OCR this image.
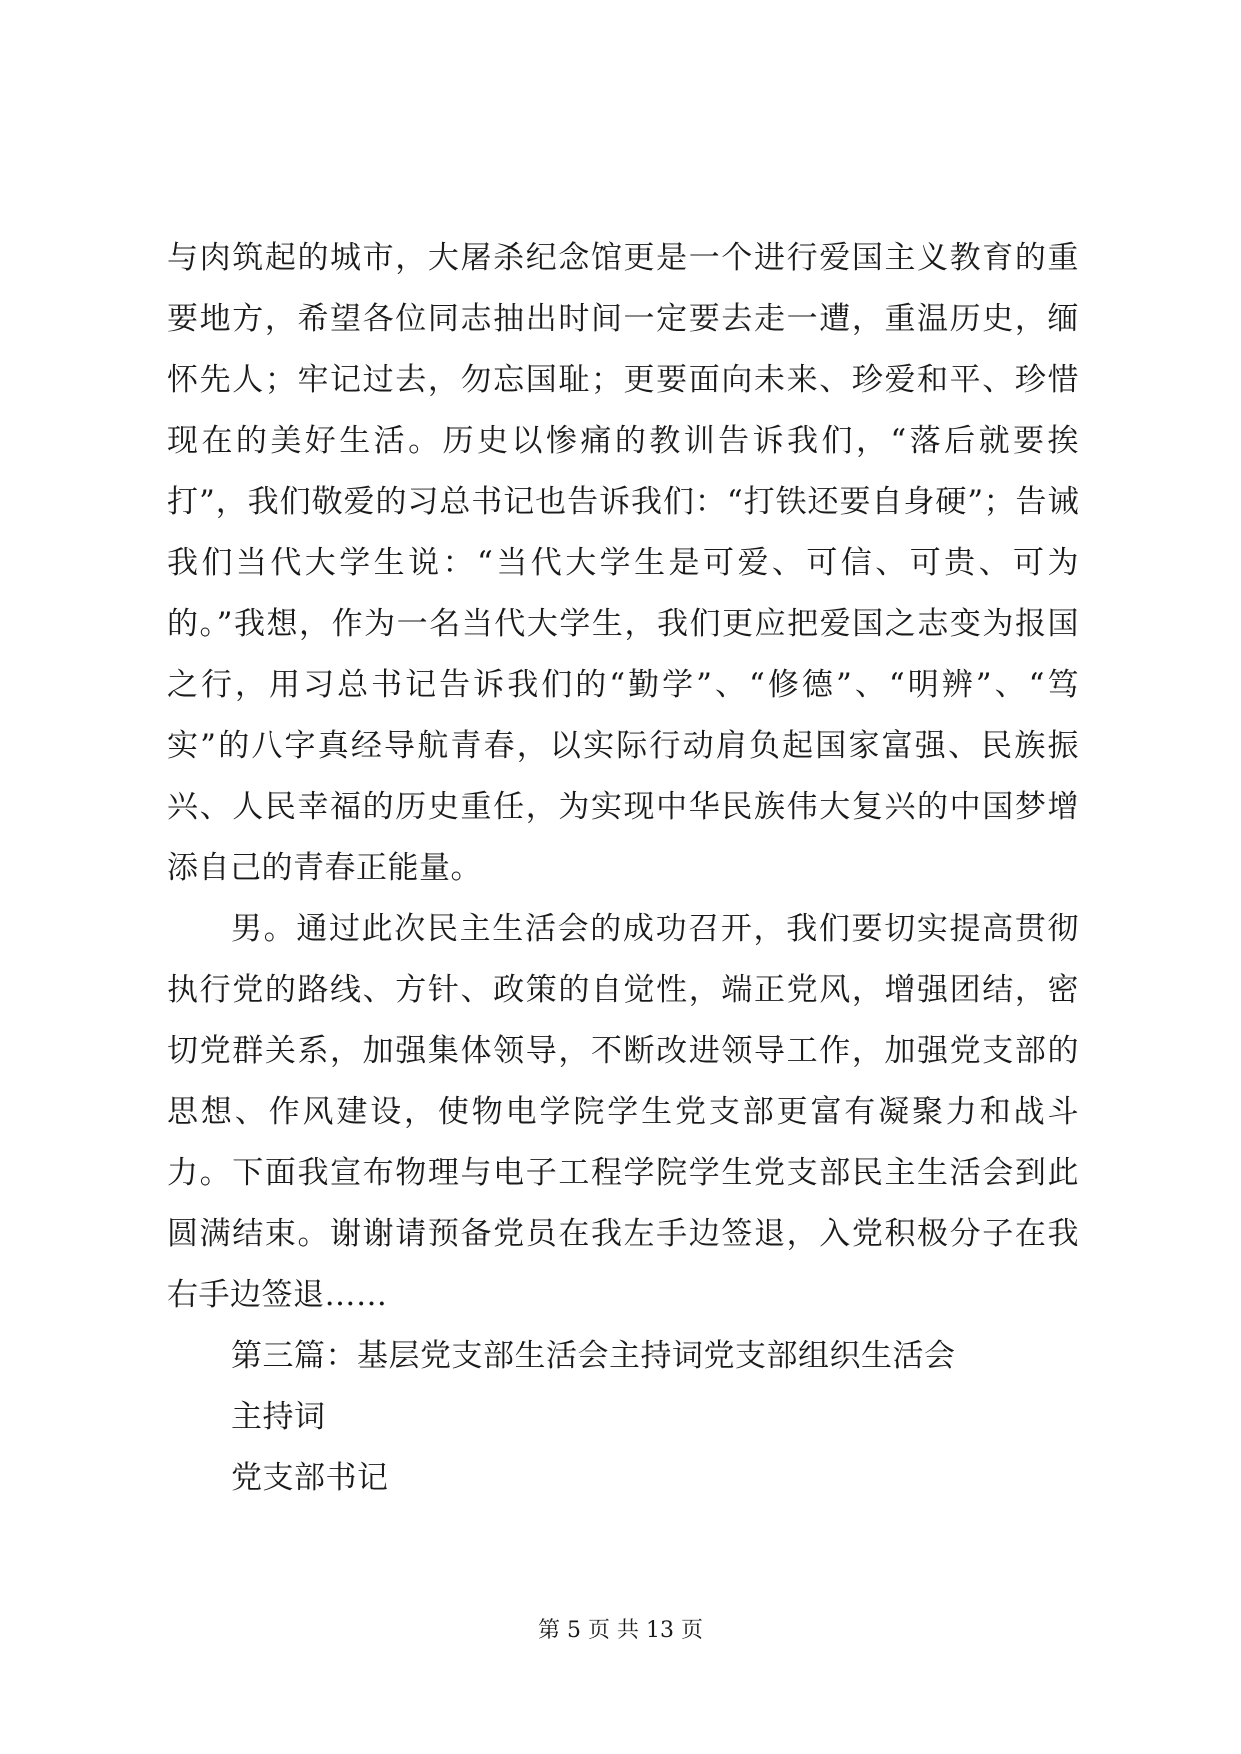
与肉筑起的城市，大屠杀纪念馆更是一个进行爱国主义教育的重要地方，希望各位同志抽出时间一定要去走一遭，重温历史，缅怀先人；牢记过去，勿忘国耻；更要面向未来、珍爱和平、珍惜现在的美好生活。历史以惨痛的教训告诉我们，“落后就要挨打”，我们敬爱的习总书记也告诉我们：“打铁还要自身硬”；告诫我们当代大学生说：“当代大学生是可爱、可信、可贵、可为的。”我想，作为一名当代大学生，我们更应把爱国之志变为报国之行，用习总书记告诉我们的“勤学”、“修德”、“明辨”、“笃实”的八字真经导航青春，以实际行动肩负起国家富强、民族振兴、人民幸福的历史重任，为实现中华民族伟大复兴的中国梦增添自己的青春正能量。

男。通过此次民主生活会的成功召开，我们要切实提高贯彻执行党的路线、方针、政策的自觉性，端正党风，增强团结，密切党群关系，加强集体领导，不断改进领导工作，加强党支部的思想、作风建设，使物电学院学生党支部更富有凝聚力和战斗力。下面我宣布物理与电子工程学院学生党支部民主生活会到此圆满结束。谢谢请预备党员在我左手边签退，入党积极分子在我右手边签退……

第三篇：基层党支部生活会主持词党支部组织生活会

主持词

党支部书记

第 5 页 共 13 页
